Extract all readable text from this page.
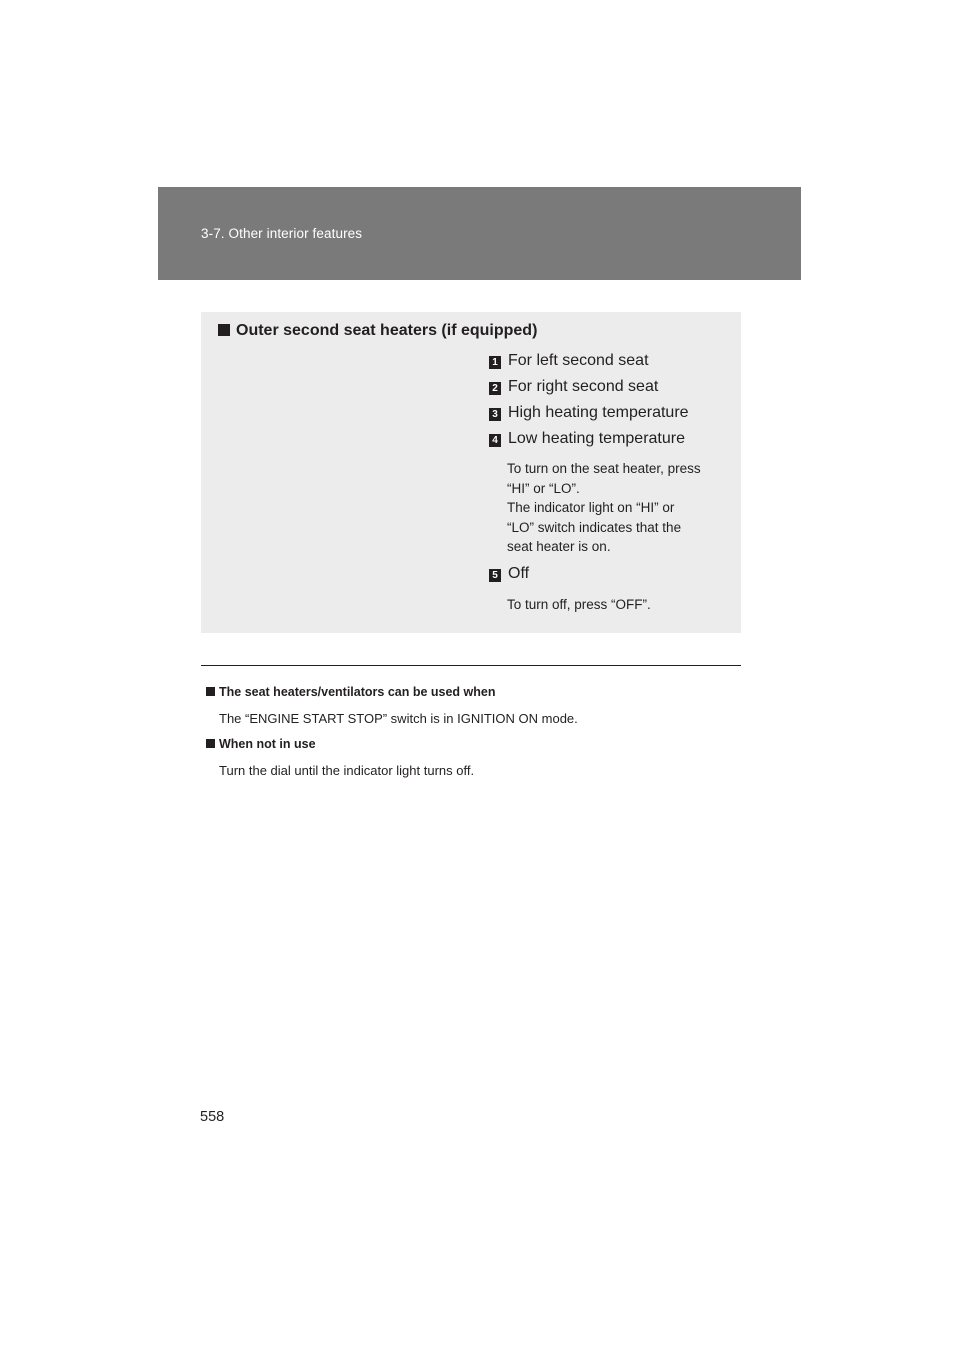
3-7. Other interior features
Outer second seat heaters (if equipped)
1 For left second seat
2 For right second seat
3 High heating temperature
4 Low heating temperature
To turn on the seat heater, press
“HI” or “LO”.
The indicator light on “HI” or
“LO” switch indicates that the
seat heater is on.
5 Off
To turn off, press “OFF”.
The seat heaters/ventilators can be used when
The “ENGINE START STOP” switch is in IGNITION ON mode.
When not in use
Turn the dial until the indicator light turns off.
558
